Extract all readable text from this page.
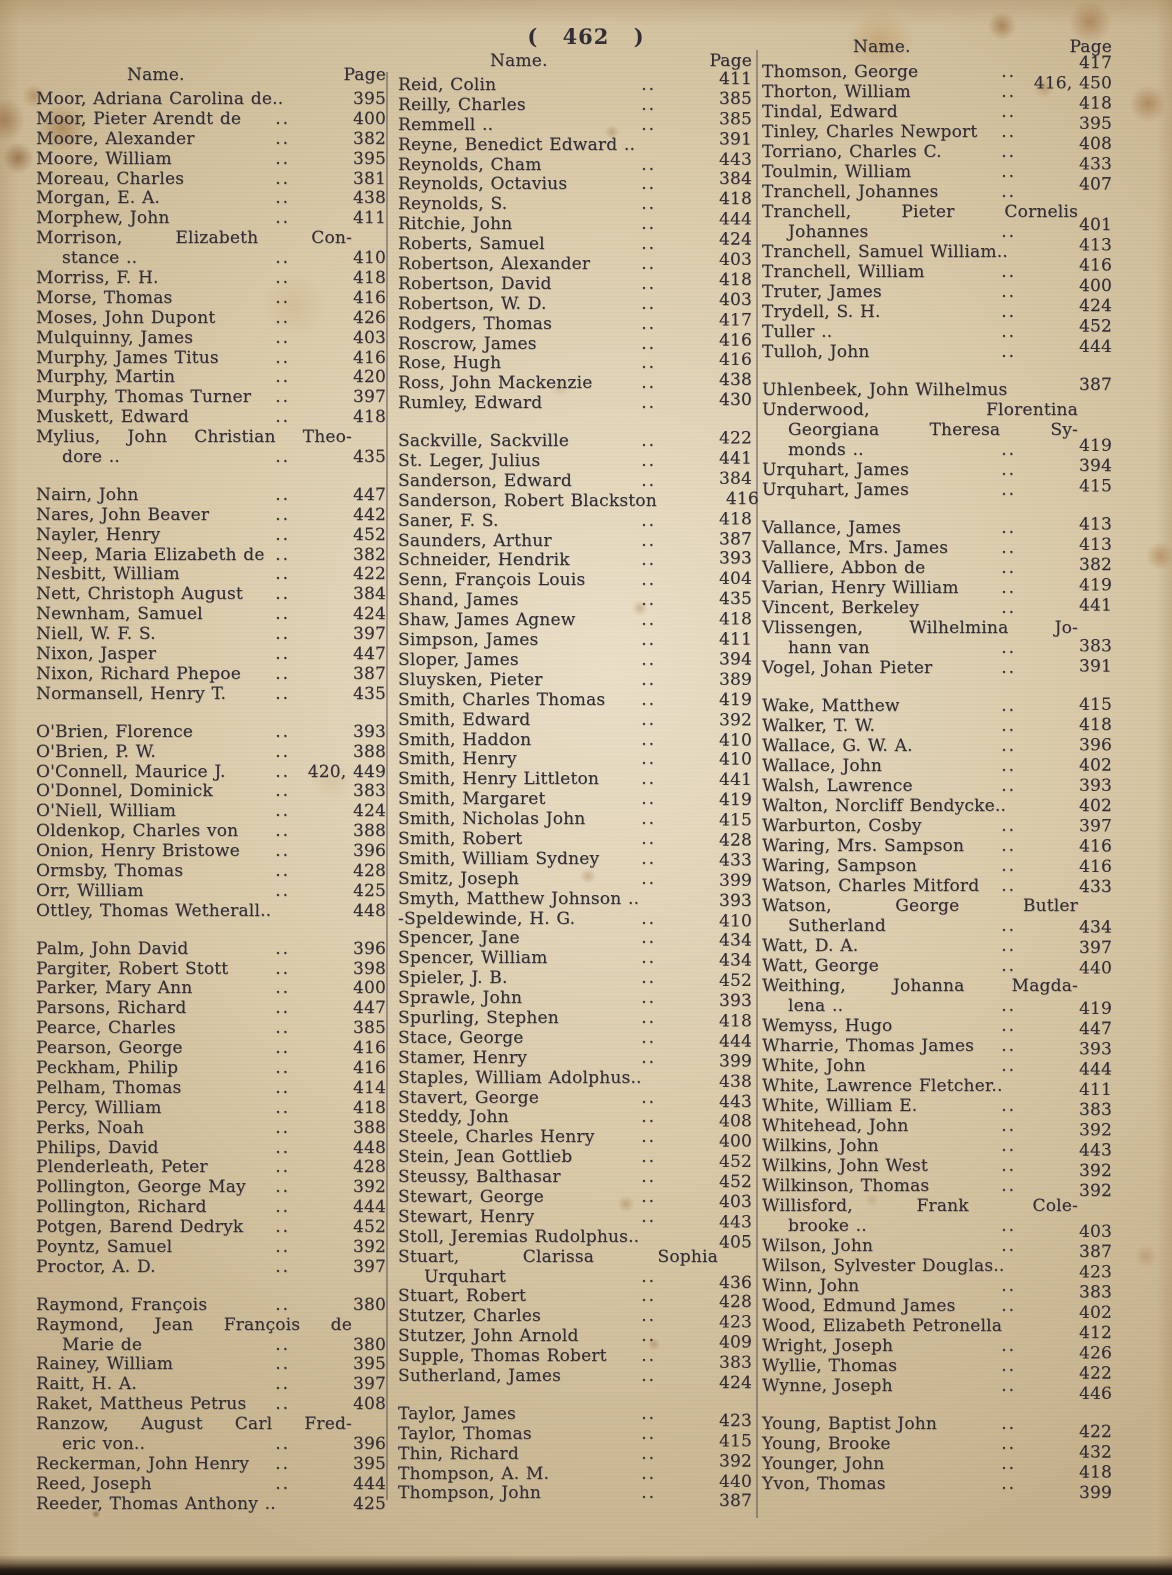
( 462 )
Name.	Page
Moor, Adriana Carolina de..	395
Moor, Pieter Arendt de	..	400
Moore, Alexander	..	382
Moore, William	..	395
Moreau, Charles	..	381
Morgan, E. A.	..	438
Morphew, John	..	411
Morrison, Elizabeth Con-
stance ..	..	410
Morriss, F. H.	..	418
Morse, Thomas	..	416
Moses, John Dupont	..	426
Mulquinny, James	..	403
Murphy, James Titus	..	416
Murphy, Martin	..	420
Murphy, Thomas Turner	..	397
Muskett, Edward	..	418
Mylius, John Christian Theo-
dore ..	..	435
Nairn, John	..	447
Nares, John Beaver	..	442
Nayler, Henry	..	452
Neep, Maria Elizabeth de ..	382
Nesbitt, William	..	422
Nett, Christoph August	..	384
Newnham, Samuel	..	424
Niell, W. F. S.	..	397
Nixon, Jasper	..	447
Nixon, Richard Phepoe	..	387
Normansell, Henry T.	..	435
O'Brien, Florence	..	393
O'Brien, P. W.	..	388
O'Connell, Maurice J.	..	420, 449
O'Donnel, Dominick	..	383
O'Niell, William	..	424
Oldenkop, Charles von	..	388
Onion, Henry Bristowe	..	396
Ormsby, Thomas	..	428
Orr, William	..	425
Ottley, Thomas Wetherall..	448
Palm, John David	..	396
Pargiter, Robert Stott	..	398
Parker, Mary Ann	..	400
Parsons, Richard	..	447
Pearce, Charles	..	385
Pearson, George	..	416
Peckham, Philip	..	416
Pelham, Thomas	..	414
Percy, William	..	418
Perks, Noah	..	388
Philips, David	..	448
Plenderleath, Peter	..	428
Pollington, George May	..	392
Pollington, Richard	..	444
Potgen, Barend Dedryk	..	452
Poyntz, Samuel	..	392
Proctor, A. D.	..	397
Raymond, François	..	380
Raymond, Jean François de
Marie de	..	380
Rainey, William	..	395
Raitt, H. A.	..	397
Raket, Mattheus Petrus	..	408
Ranzow, August Carl Fred-
eric von..	..	396
Reckerman, John Henry	..	395
Reed, Joseph	..	444
Reeder, Thomas Anthony ..	425
Name.	Page
Reid, Colin	..	411
Reilly, Charles	..	385
Remmell ..	..	385
Reyne, Benedict Edward ..	391
Reynolds, Cham	..	443
Reynolds, Octavius	..	384
Reynolds, S.	..	418
Ritchie, John	..	444
Roberts, Samuel	..	424
Robertson, Alexander	..	403
Robertson, David	..	418
Robertson, W. D.	..	403
Rodgers, Thomas	..	417
Roscrow, James	..	416
Rose, Hugh	..	416
Ross, John Mackenzie	..	438
Rumley, Edward	..	430
Sackville, Sackville	..	422
St. Leger, Julius	..	441
Sanderson, Edward	..	384
Sanderson, Robert Blackston	416
Saner, F. S.	..	418
Saunders, Arthur	..	387
Schneider, Hendrik	..	393
Senn, François Louis	..	404
Shand, James	..	435
Shaw, James Agnew	..	418
Simpson, James	..	411
Sloper, James	..	394
Sluysken, Pieter	..	389
Smith, Charles Thomas	..	419
Smith, Edward	..	392
Smith, Haddon	..	410
Smith, Henry	..	410
Smith, Henry Littleton	..	441
Smith, Margaret	..	419
Smith, Nicholas John	..	415
Smith, Robert	..	428
Smith, William Sydney	..	433
Smitz, Joseph	..	399
Smyth, Matthew Johnson ..	393
-Speldewinde, H. G.	..	410
Spencer, Jane	..	434
Spencer, William	..	434
Spieler, J. B.	..	452
Sprawle, John	..	393
Spurling, Stephen	..	418
Stace, George	..	444
Stamer, Henry	..	399
Staples, William Adolphus..	438
Stavert, George	..	443
Steddy, John	..	408
Steele, Charles Henry	..	400
Stein, Jean Gottlieb	..	452
Steussy, Balthasar	..	452
Stewart, George	..	403
Stewart, Henry	..	443
Stoll, Jeremias Rudolphus..	405
Stuart, Clarissa Sophia
Urquhart	..	436
Stuart, Robert	..	428
Stutzer, Charles	..	423
Stutzer, John Arnold	..	409
Supple, Thomas Robert	..	383
Sutherland, James	..	424
Taylor, James	..	423
Taylor, Thomas	..	415
Thin, Richard	..	392
Thompson, A. M.	..	440
Thompson, John	..	387
Name.	Page
Thomson, George	..	417
Thorton, William	..	416, 450
Tindal, Edward	..	418
Tinley, Charles Newport	..	395
Torriano, Charles C.	..	408
Toulmin, William	..	433
Tranchell, Johannes	..	407
Tranchell, Pieter Cornelis
Johannes	..	401
Tranchell, Samuel William..	413
Tranchell, William	..	416
Truter, James	..	400
Trydell, S. H.	..	424
Tuller ..	..	452
Tulloh, John	..	444
Uhlenbeek, John Wilhelmus	387
Underwood, Florentina
Georgiana Theresa Sy-
monds ..	..	419
Urquhart, James	..	394
Urquhart, James	..	415
Vallance, James	..	413
Vallance, Mrs. James	..	413
Valliere, Abbon de	..	382
Varian, Henry William	..	419
Vincent, Berkeley	..	441
Vlissengen, Wilhelmina Jo-
hann van	..	383
Vogel, Johan Pieter	..	391
Wake, Matthew	..	415
Walker, T. W.	..	418
Wallace, G. W. A.	..	396
Wallace, John	..	402
Walsh, Lawrence	..	393
Walton, Norcliff Bendycke..	402
Warburton, Cosby	..	397
Waring, Mrs. Sampson	..	416
Waring, Sampson	..	416
Watson, Charles Mitford	..	433
Watson, George Butler
Sutherland	..	434
Watt, D. A.	..	397
Watt, George	..	440
Weithing, Johanna Magda-
lena ..	..	419
Wemyss, Hugo	..	447
Wharrie, Thomas James	..	393
White, John	..	444
White, Lawrence Fletcher..	411
White, William E.	..	383
Whitehead, John	..	392
Wilkins, John	..	443
Wilkins, John West	..	392
Wilkinson, Thomas	..	392
Willisford, Frank Cole-
brooke ..	..	403
Wilson, John	..	387
Wilson, Sylvester Douglas..	423
Winn, John	..	383
Wood, Edmund James	..	402
Wood, Elizabeth Petronella	412
Wright, Joseph	..	426
Wyllie, Thomas	..	422
Wynne, Joseph	..	446
Young, Baptist John	..	422
Young, Brooke	..	432
Younger, John	..	418
Yvon, Thomas	..	399
